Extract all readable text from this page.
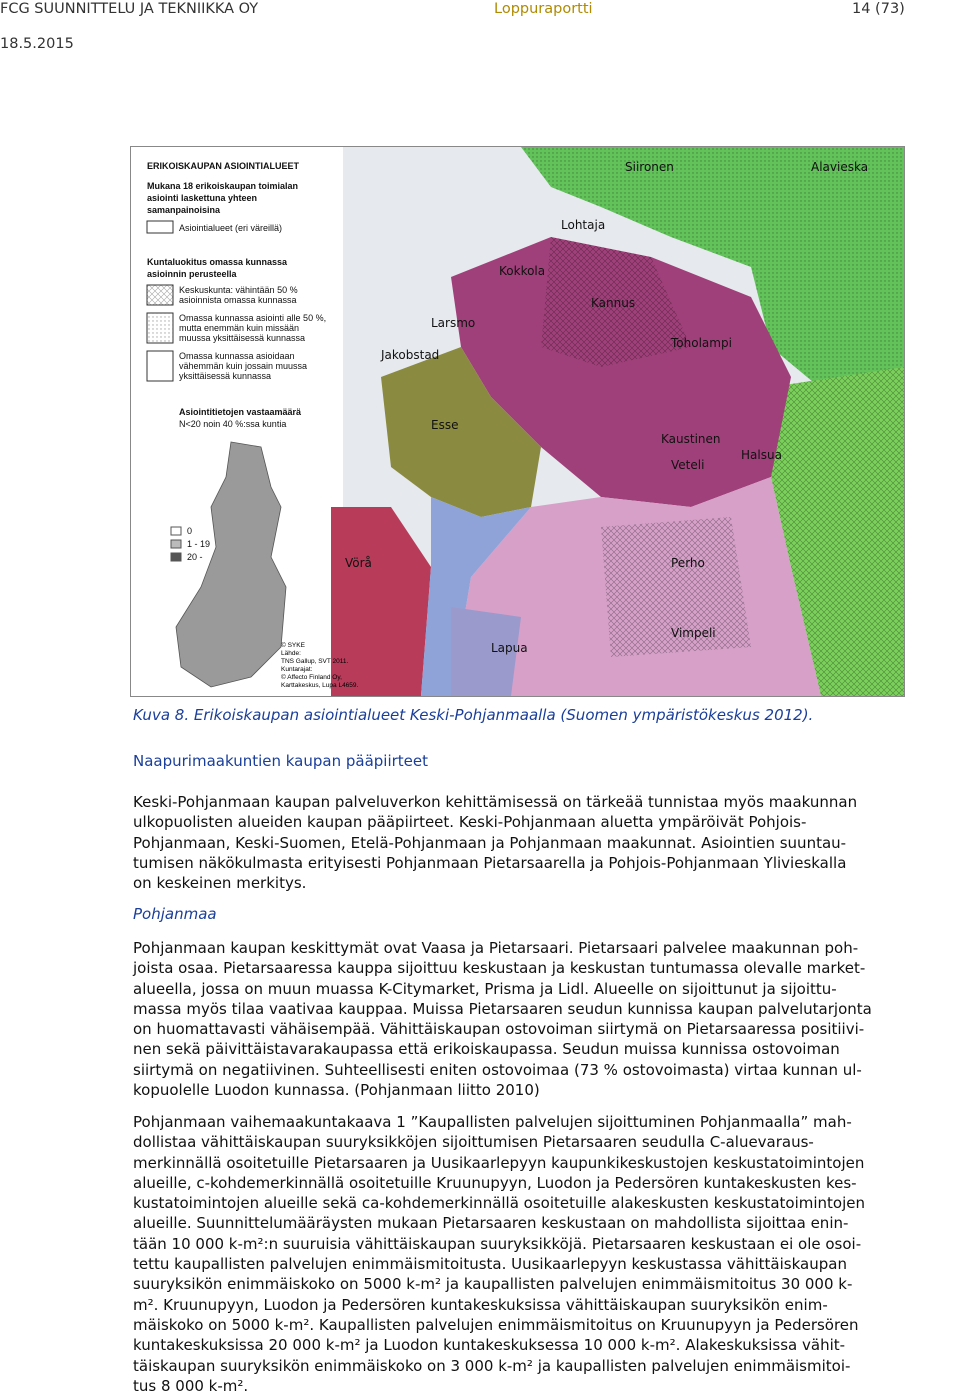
FCG SUUNNITTELU JA TEKNIIKKA OY	Loppuraportti	14 (73)
18.5.2015
Alavieska
Siironen
Lohtaja
Kokkola
Kannus
Toholampi
Larsmo
Jakobstad
Esse
Kaustinen
Veteli
Halsua
Vörå	Perho
Vimpeli
Lapua
ERIKOISKAUPAN ASIOINTIALUEET
Mukana 18 erikoiskaupan toimialan
asiointi laskettuna yhteen
samanpainoisina
Asiointialueet (eri väreillä)
Kuntaluokitus omassa kunnassa
asioinnin perusteella
Keskuskunta: vähintään 50 %
asioinnista omassa kunnassa
Omassa kunnassa asiointi alle 50 %,
mutta enemmän kuin missään
muussa yksittäisessä kunnassa
Omassa kunnassa asioidaan
vähemmän kuin jossain muussa
yksittäisessä kunnassa
Asiointitietojen vastaamäärä
N<20 noin 40 %:ssa kuntia
0
1 - 19
20 -
© SYKE
Lähde:
TNS Gallup, SVT 2011.
Kuntarajat:
© Affecto Finland Oy,
Karttakeskus, Lupa L4659.
Kuva 8. Erikoiskaupan asiointialueet Keski-Pohjanmaalla (Suomen ympäristökeskus 2012).
Naapurimaakuntien kaupan pääpiirteet
Keski-Pohjanmaan kaupan palveluverkon kehittämisessä on tärkeää tunnistaa myös maakunnan
ulkopuolisten alueiden kaupan pääpiirteet. Keski-Pohjanmaan aluetta ympäröivät Pohjois-
Pohjanmaan, Keski-Suomen, Etelä-Pohjanmaan ja Pohjanmaan maakunnat. Asiointien suuntau-
tumisen näkökulmasta erityisesti Pohjanmaan Pietarsaarella ja Pohjois-Pohjanmaan Ylivieskalla
on keskeinen merkitys.
Pohjanmaa
Pohjanmaan kaupan keskittymät ovat Vaasa ja Pietarsaari. Pietarsaari palvelee maakunnan poh-
joista osaa. Pietarsaaressa kauppa sijoittuu keskustaan ja keskustan tuntumassa olevalle market-
alueella, jossa on muun muassa K-Citymarket, Prisma ja Lidl. Alueelle on sijoittunut ja sijoittu-
massa myös tilaa vaativaa kauppaa. Muissa Pietarsaaren seudun kunnissa kaupan palvelutarjonta
on huomattavasti vähäisempää. Vähittäiskaupan ostovoiman siirtymä on Pietarsaaressa positiivi-
nen sekä päivittäistavarakaupassa että erikoiskaupassa. Seudun muissa kunnissa ostovoiman
siirtymä on negatiivinen. Suhteellisesti eniten ostovoimaa (73 % ostovoimasta) virtaa kunnan ul-
kopuolelle Luodon kunnassa. (Pohjanmaan liitto 2010)
Pohjanmaan vaihemaakuntakaava 1 ”Kaupallisten palvelujen sijoittuminen Pohjanmaalla” mah-
dollistaa vähittäiskaupan suuryksikköjen sijoittumisen Pietarsaaren seudulla C-aluevaraus-
merkinnällä osoitetuille Pietarsaaren ja Uusikaarlepyyn kaupunkikeskustojen keskustatoimintojen
alueille, c-kohdemerkinnällä osoitetuille Kruunupyyn, Luodon ja Pedersören kuntakeskusten kes-
kustatoimintojen alueille sekä ca-kohdemerkinnällä osoitetuille alakeskusten keskustatoimintojen
alueille. Suunnittelumääräysten mukaan Pietarsaaren keskustaan on mahdollista sijoittaa enin-
tään 10 000 k-m²:n suuruisia vähittäiskaupan suuryksikköjä. Pietarsaaren keskustaan ei ole osoi-
tettu kaupallisten palvelujen enimmäismitoitusta. Uusikaarlepyyn keskustassa vähittäiskaupan
suuryksikön enimmäiskoko on 5000 k-m² ja kaupallisten palvelujen enimmäismitoitus 30 000 k-
m². Kruunupyyn, Luodon ja Pedersören kuntakeskuksissa vähittäiskaupan suuryksikön enim-
mäiskoko on 5000 k-m². Kaupallisten palvelujen enimmäismitoitus on Kruunupyyn ja Pedersören
kuntakeskuksissa 20 000 k-m² ja Luodon kuntakeskuksessa 10 000 k-m². Alakeskuksissa vähit-
täiskaupan suuryksikön enimmäiskoko on 3 000 k-m² ja kaupallisten palvelujen enimmäismitoi-
tus 8 000 k-m².
